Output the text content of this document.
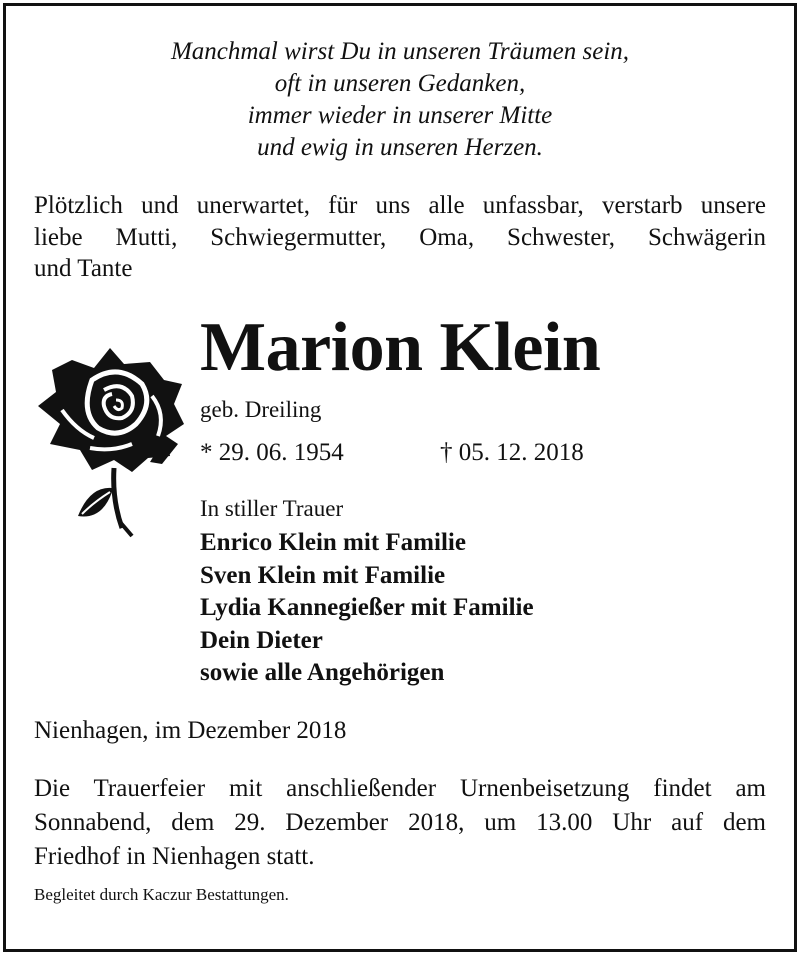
Manchmal wirst Du in unseren Träumen sein,
oft in unseren Gedanken,
immer wieder in unserer Mitte
und ewig in unseren Herzen.
Plötzlich und unerwartet, für uns alle unfassbar, verstarb unsere
liebe Mutti, Schwiegermutter, Oma, Schwester, Schwägerin
und Tante
Marion Klein
geb. Dreiling
* 29. 06. 1954	† 05. 12. 2018
In stiller Trauer
Enrico Klein mit Familie
Sven Klein mit Familie
Lydia Kannegießer mit Familie
Dein Dieter
sowie alle Angehörigen
Nienhagen, im Dezember 2018
Die Trauerfeier mit anschließender Urnenbeisetzung findet am
Sonnabend, dem 29. Dezember 2018, um 13.00 Uhr auf dem
Friedhof in Nienhagen statt.
Begleitet durch Kaczur Bestattungen.
